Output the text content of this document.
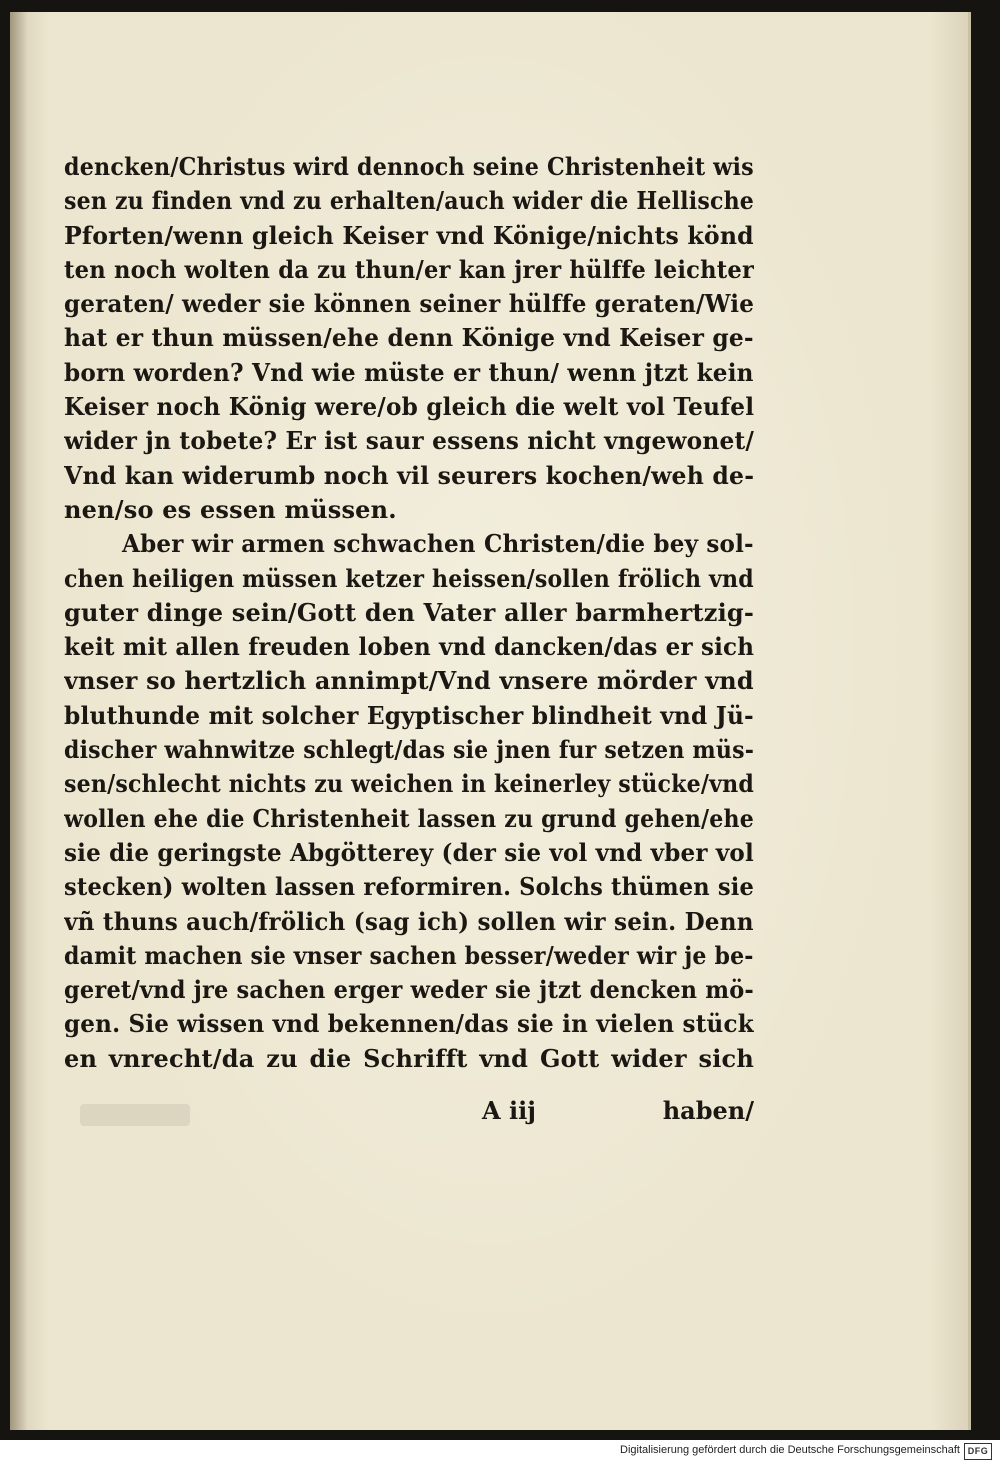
dencken/Christus wird dennoch seine Christenheit wis
sen zu finden vnd zu erhalten/auch wider die Hellische
Pforten/wenn gleich Keiser vnd Könige/nichts könd
ten noch wolten da zu thun/er kan jrer hülffe leichter
geraten/ weder sie können seiner hülffe geraten/Wie
hat er thun müssen/ehe denn Könige vnd Keiser ge-
born worden? Vnd wie müste er thun/ wenn jtzt kein
Keiser noch König were/ob gleich die welt vol Teufel
wider jn tobete? Er ist saur essens nicht vngewonet/
Vnd kan widerumb noch vil seurers kochen/weh de-
nen/so es essen müssen.
Aber wir armen schwachen Christen/die bey sol-
chen heiligen müssen ketzer heissen/sollen frölich vnd
guter dinge sein/Gott den Vater aller barmhertzig-
keit mit allen freuden loben vnd dancken/das er sich
vnser so hertzlich annimpt/Vnd vnsere mörder vnd
bluthunde mit solcher Egyptischer blindheit vnd Jü-
discher wahnwitze schlegt/das sie jnen fur setzen müs-
sen/schlecht nichts zu weichen in keinerley stücke/vnd
wollen ehe die Christenheit lassen zu grund gehen/ehe
sie die geringste Abgötterey (der sie vol vnd vber vol
stecken) wolten lassen reformiren. Solchs thümen sie
vñ thuns auch/frölich (sag ich) sollen wir sein. Denn
damit machen sie vnser sachen besser/weder wir je be-
geret/vnd jre sachen erger weder sie jtzt dencken mö-
gen. Sie wissen vnd bekennen/das sie in vielen stück
en vnrecht/da zu die Schrifft vnd Gott wider sich
A iij	haben/
Digitalisierung gefördert durch die Deutsche Forschungsgemeinschaft DFG
